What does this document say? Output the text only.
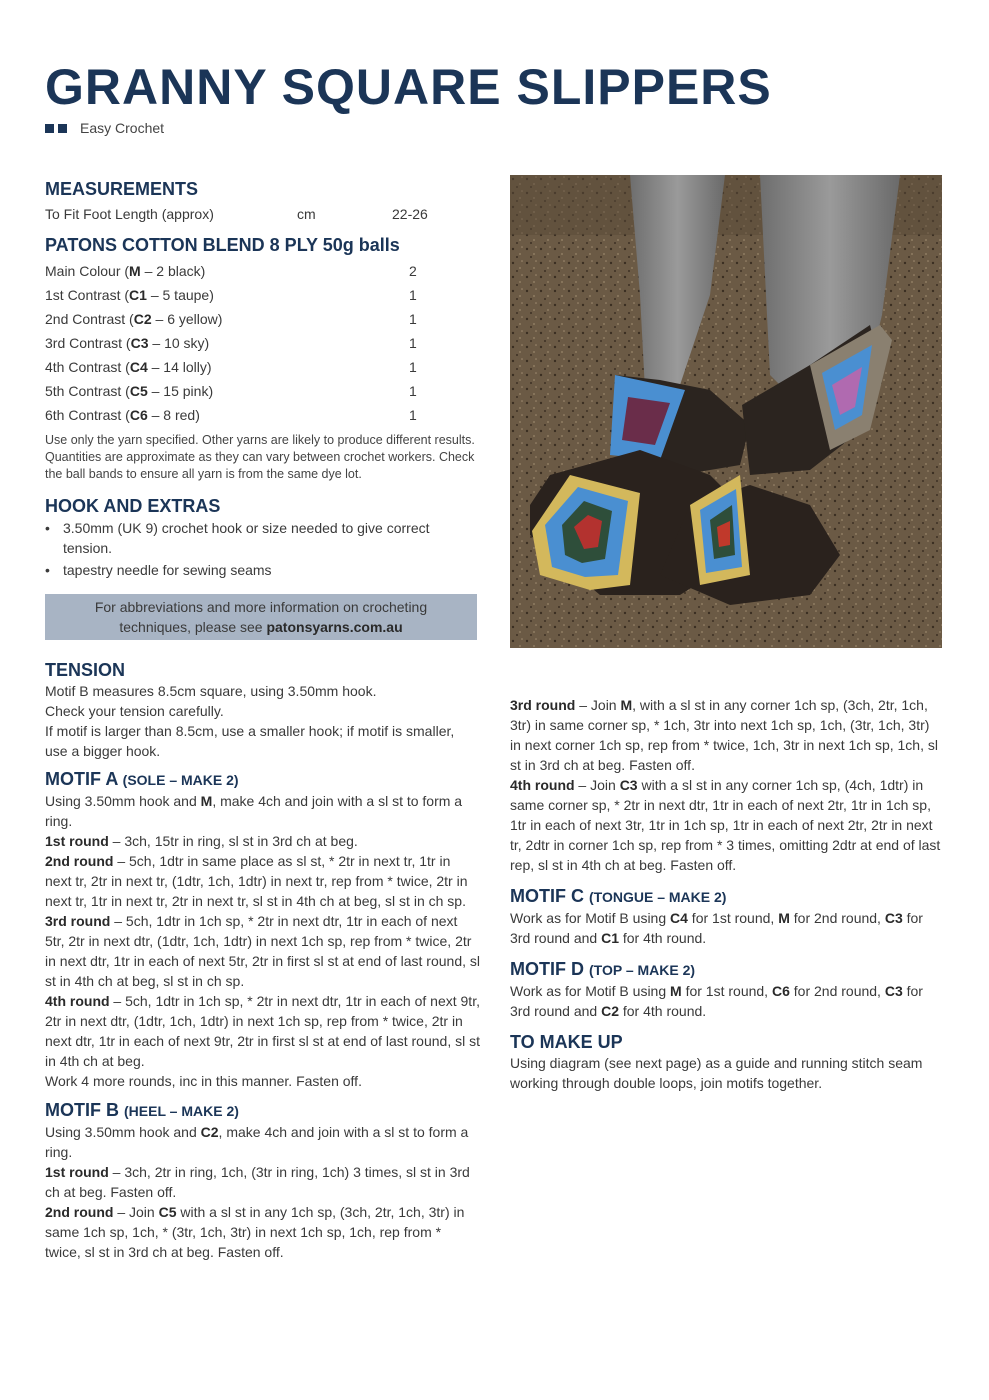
GRANNY SQUARE SLIPPERS
Easy Crochet
MEASUREMENTS
To Fit Foot Length (approx)	cm	22-26
PATONS COTTON BLEND 8 PLY 50g balls
Main Colour (M – 2 black)	2
1st Contrast (C1 – 5 taupe)	1
2nd Contrast (C2 – 6 yellow)	1
3rd Contrast (C3 – 10 sky)	1
4th Contrast (C4 – 14 lolly)	1
5th Contrast (C5 – 15 pink)	1
6th Contrast (C6 – 8 red)	1

Use only the yarn specified. Other yarns are likely to produce different results. Quantities are approximate as they can vary between crochet workers. Check the ball bands to ensure all yarn is from the same dye lot.

HOOK AND EXTRAS
• 3.50mm (UK 9) crochet hook or size needed to give correct tension.
• tapestry needle for sewing seams
For abbreviations and more information on crocheting techniques, please see patonsyarns.com.au
TENSION

Motif B measures 8.5cm square, using 3.50mm hook.

Check your tension carefully.

If motif is larger than 8.5cm, use a smaller hook; if motif is smaller, use a bigger hook.

MOTIF A (SOLE – MAKE 2)

Using 3.50mm hook and M, make 4ch and join with a sl st to form a ring.

1st round – 3ch, 15tr in ring, sl st in 3rd ch at beg.

2nd round – 5ch, 1dtr in same place as sl st, * 2tr in next tr, 1tr in next tr, 2tr in next tr, (1dtr, 1ch, 1dtr) in next tr, rep from * twice, 2tr in next tr, 1tr in next tr, 2tr in next tr, sl st in 4th ch at beg, sl st in ch sp.

3rd round – 5ch, 1dtr in 1ch sp, * 2tr in next dtr, 1tr in each of next 5tr, 2tr in next dtr, (1dtr, 1ch, 1dtr) in next 1ch sp, rep from * twice, 2tr in next dtr, 1tr in each of next 5tr, 2tr in first sl st at end of last round, sl st in 4th ch at beg, sl st in ch sp.

4th round – 5ch, 1dtr in 1ch sp, * 2tr in next dtr, 1tr in each of next 9tr, 2tr in next dtr, (1dtr, 1ch, 1dtr) in next 1ch sp, rep from * twice, 2tr in next dtr, 1tr in each of next 9tr, 2tr in first sl st at end of last round, sl st in 4th ch at beg.

Work 4 more rounds, inc in this manner. Fasten off.

MOTIF B (HEEL – MAKE 2)

Using 3.50mm hook and C2, make 4ch and join with a sl st to form a ring.

1st round – 3ch, 2tr in ring, 1ch, (3tr in ring, 1ch) 3 times, sl st in 3rd ch at beg. Fasten off.

2nd round – Join C5 with a sl st in any 1ch sp, (3ch, 2tr, 1ch, 3tr) in same 1ch sp, 1ch, * (3tr, 1ch, 3tr) in next 1ch sp, 1ch, rep from * twice, sl st in 3rd ch at beg. Fasten off.

3rd round – Join M, with a sl st in any corner 1ch sp, (3ch, 2tr, 1ch, 3tr) in same corner sp, * 1ch, 3tr into next 1ch sp, 1ch, (3tr, 1ch, 3tr) in next corner 1ch sp, rep from * twice, 1ch, 3tr in next 1ch sp, 1ch, sl st in 3rd ch at beg. Fasten off.

4th round – Join C3 with a sl st in any corner 1ch sp, (4ch, 1dtr) in same corner sp, * 2tr in next dtr, 1tr in each of next 2tr, 1tr in 1ch sp, 1tr in each of next 3tr, 1tr in 1ch sp, 1tr in each of next 2tr, 2tr in next tr, 2dtr in corner 1ch sp, rep from * 3 times, omitting 2dtr at end of last rep, sl st in 4th ch at beg. Fasten off.

MOTIF C (TONGUE – MAKE 2)

Work as for Motif B using C4 for 1st round, M for 2nd round, C3 for 3rd round and C1 for 4th round.

MOTIF D (TOP – MAKE 2)

Work as for Motif B using M for 1st round, C6 for 2nd round, C3 for 3rd round and C2 for 4th round.

TO MAKE UP

Using diagram (see next page) as a guide and running stitch seam working through double loops, join motifs together.
